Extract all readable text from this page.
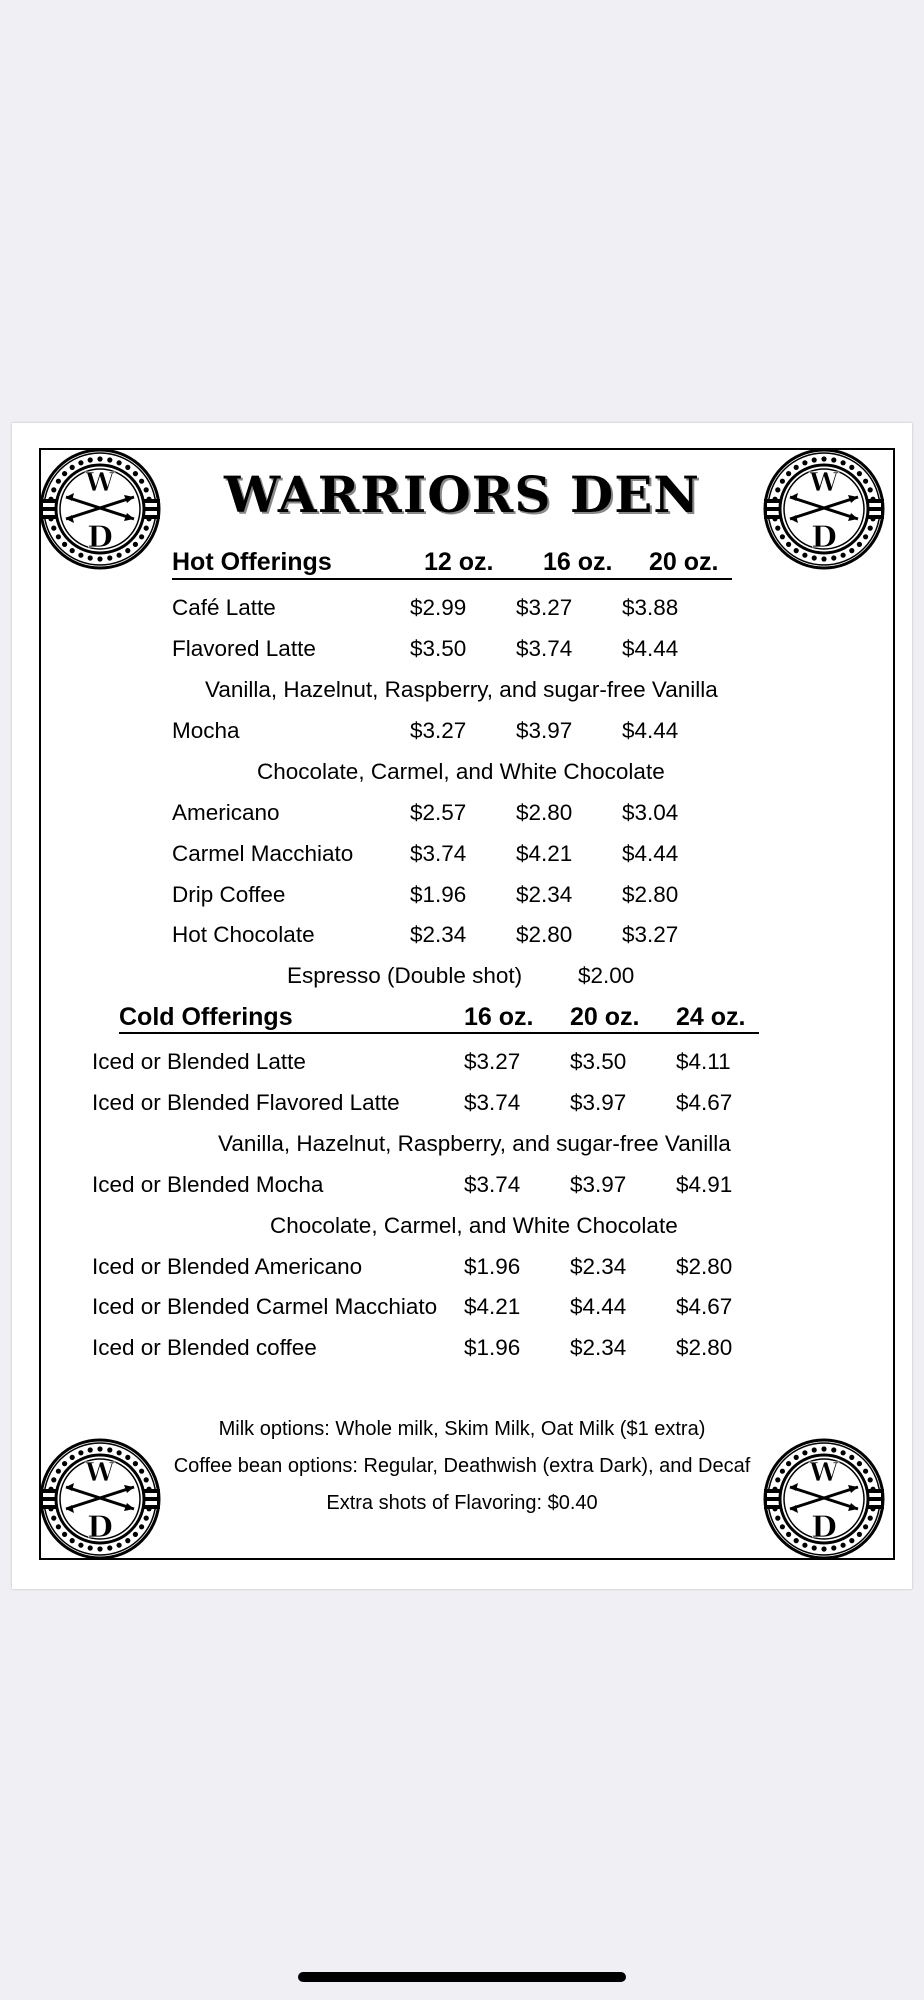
W
D
W
D
W
D
W
D
WARRIORS DEN
Hot Offerings	12 oz. 16 oz. 20 oz.
Café Latte	$2.99 $3.27 $3.88
Flavored Latte	$3.50 $3.74 $4.44
Vanilla, Hazelnut, Raspberry, and sugar-free Vanilla
Mocha	$3.27 $3.97 $4.44
Chocolate, Carmel, and White Chocolate
Americano	$2.57 $2.80 $3.04
Carmel Macchiato	$3.74 $4.21 $4.44
Drip Coffee	$1.96 $2.34 $2.80
Hot Chocolate	$2.34 $2.80 $3.27
Espresso (Double shot) $2.00
Cold Offerings	16 oz. 20 oz. 24 oz.
Iced or Blended Latte	$3.27 $3.50 $4.11
Iced or Blended Flavored Latte	$3.74 $3.97 $4.67
Vanilla, Hazelnut, Raspberry, and sugar-free Vanilla
Iced or Blended Mocha	$3.74 $3.97 $4.91
Chocolate, Carmel, and White Chocolate
Iced or Blended Americano	$1.96 $2.34 $2.80
Iced or Blended Carmel Macchiato $4.21 $4.44 $4.67
Iced or Blended coffee	$1.96 $2.34 $2.80
Milk options: Whole milk, Skim Milk, Oat Milk ($1 extra)
Coffee bean options: Regular, Deathwish (extra Dark), and Decaf
Extra shots of Flavoring: $0.40
